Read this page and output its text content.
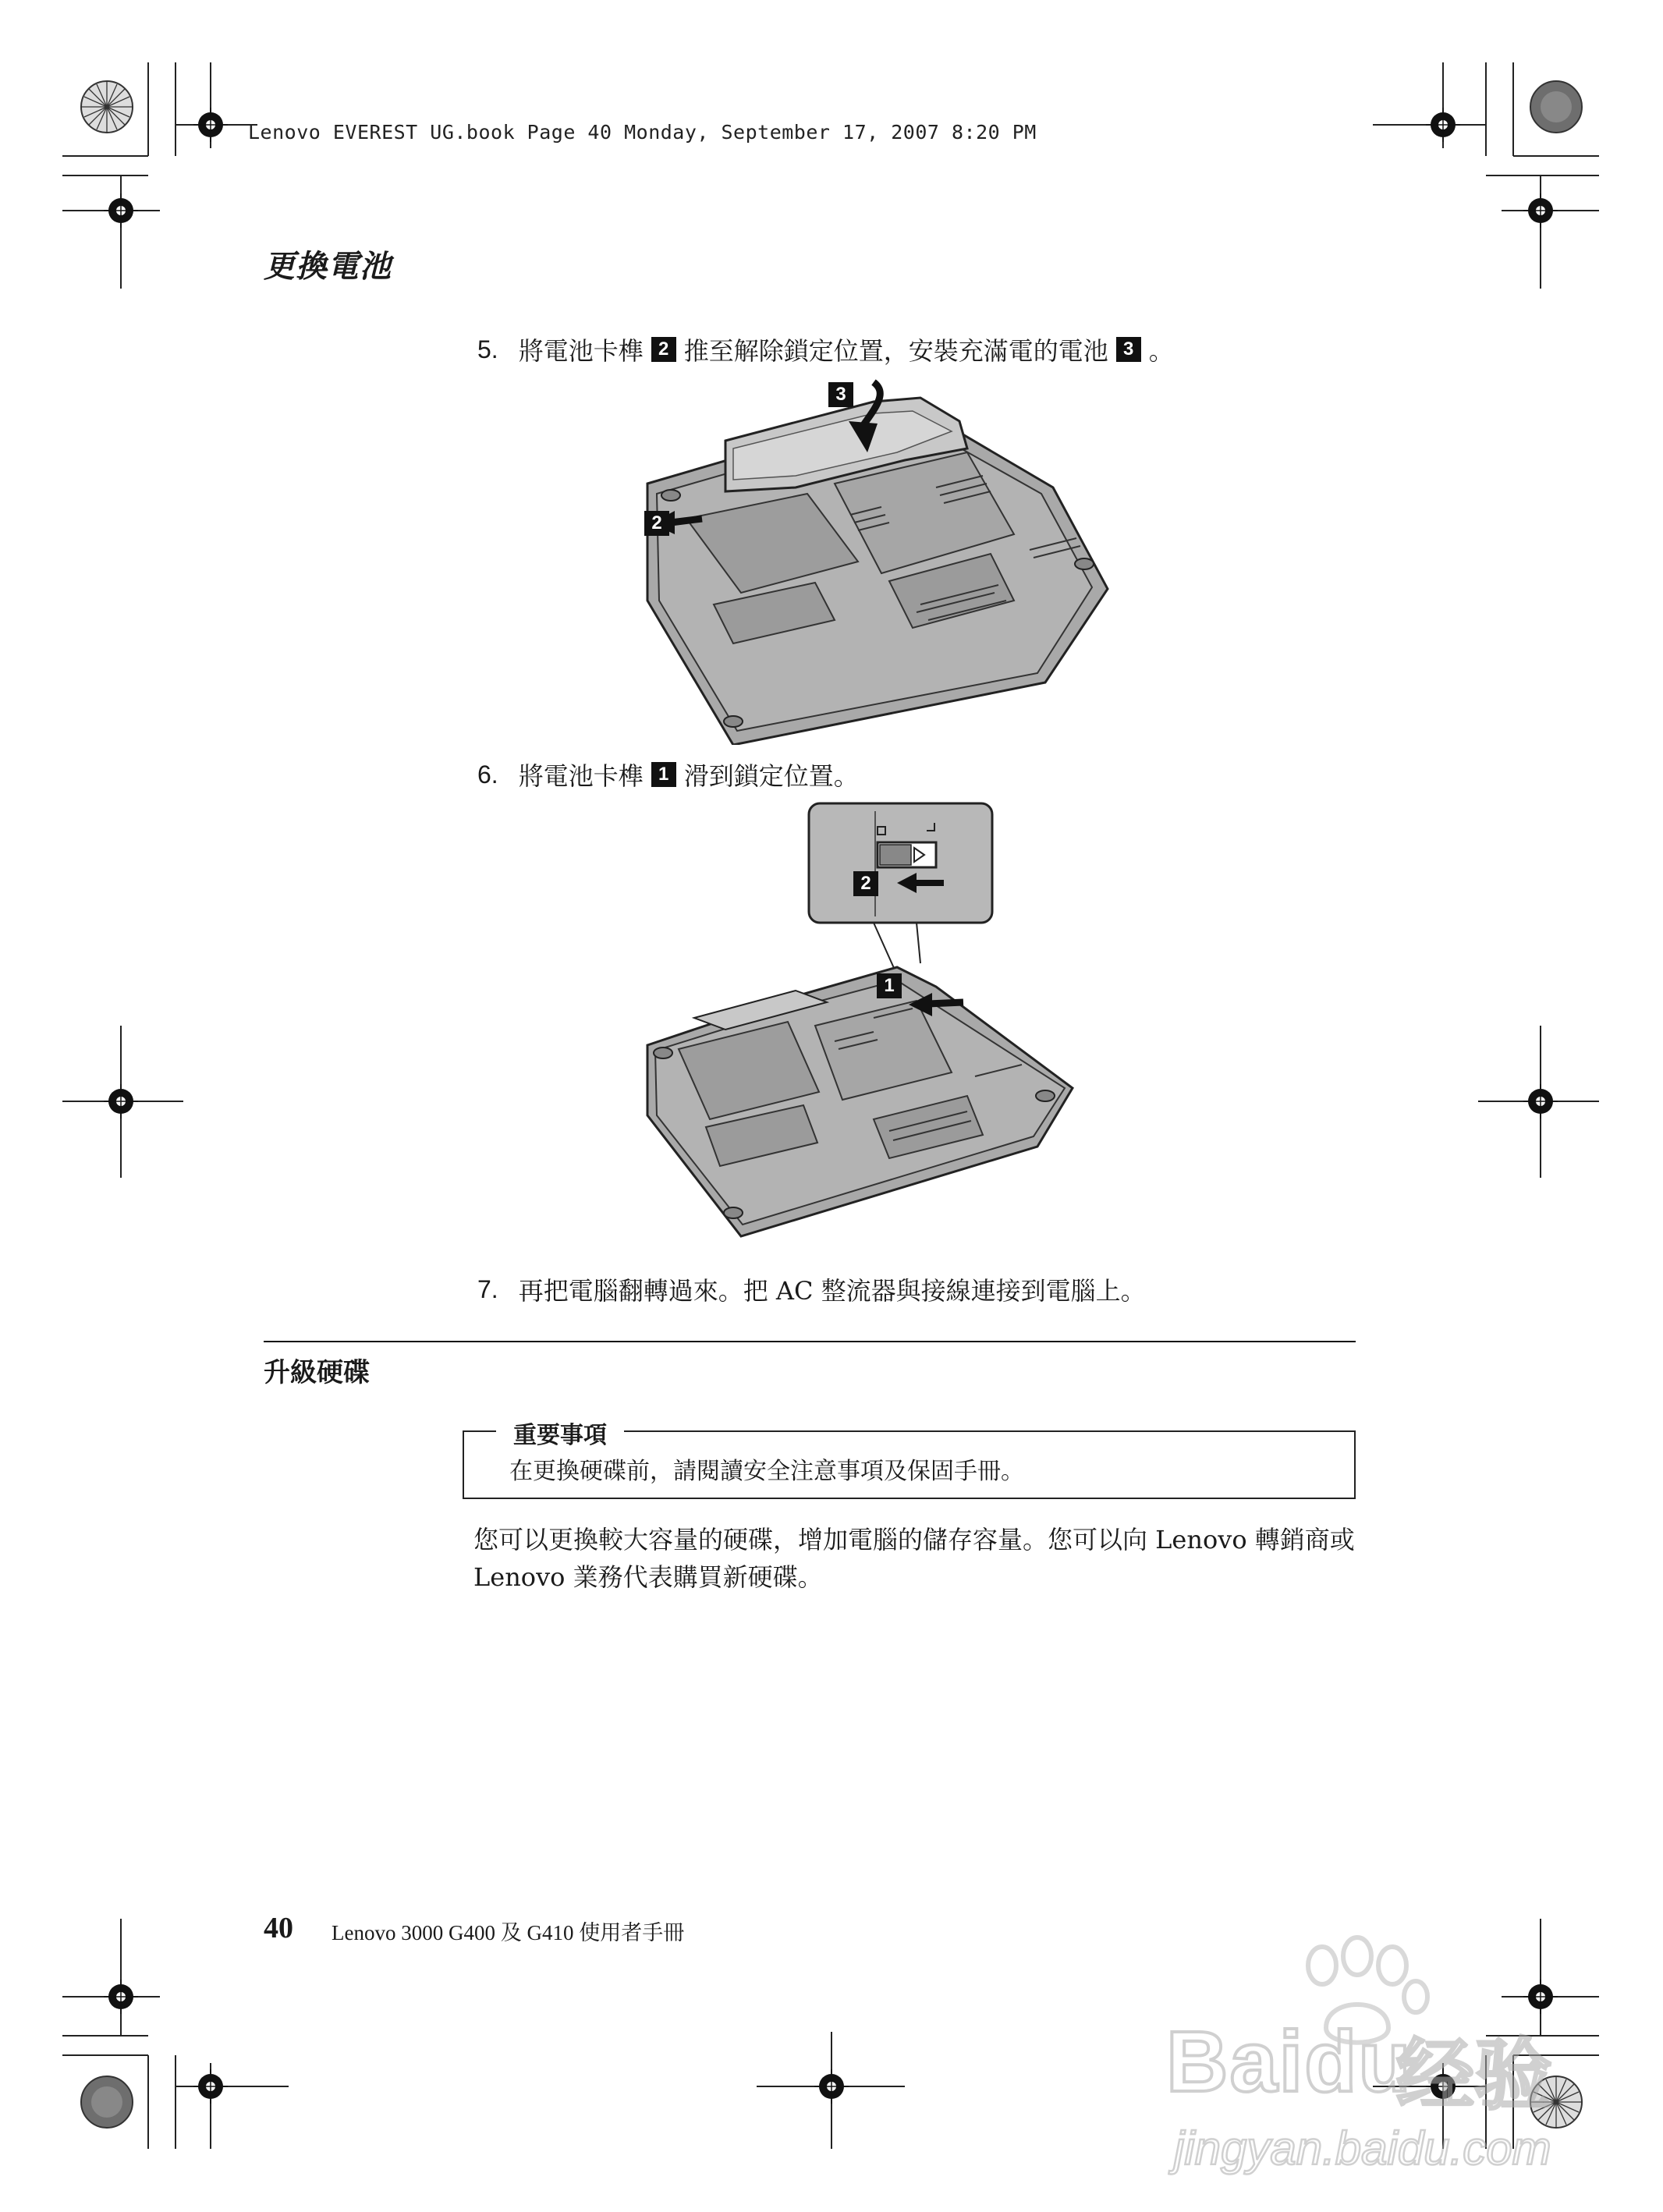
Lenovo EVEREST UG.book Page 40 Monday, September 17, 2007 8:20 PM
更換電池
5. 將電池卡榫 2 推至解除鎖定位置，安裝充滿電的電池 3 。
3
2
6. 將電池卡榫 1 滑到鎖定位置。
2
1
7. 再把電腦翻轉過來。把 AC 整流器與接線連接到電腦上。
升級硬碟
重要事項
在更換硬碟前，請閱讀安全注意事項及保固手冊。
您可以更換較大容量的硬碟，增加電腦的儲存容量。您可以向 Lenovo 轉銷商或 Lenovo 業務代表購買新硬碟。
40 Lenovo 3000 G400 及 G410 使用者手冊
Baidu
经验
jingyan.baidu.com
